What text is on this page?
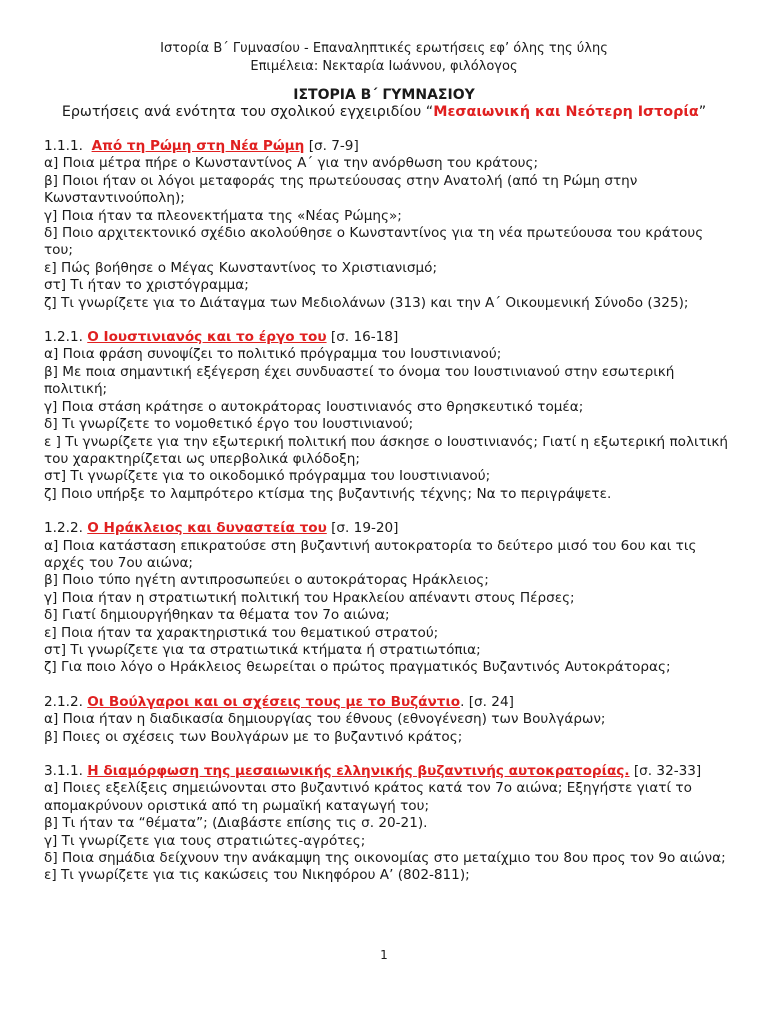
Ιστορία Β΄ Γυμνασίου - Επαναληπτικές ερωτήσεις εφ’ όλης της ύλης
Επιμέλεια: Νεκταρία Ιωάννου, φιλόλογος
ΙΣΤΟΡΙΑ Β΄ ΓΥΜΝΑΣΙΟΥ
Ερωτήσεις ανά ενότητα του σχολικού εγχειριδίου “Μεσαιωνική και Νεότερη Ιστορία”
1.1.1. Από τη Ρώμη στη Νέα Ρώμη [σ. 7-9]
α] Ποια μέτρα πήρε ο Κωνσταντίνος Α΄ για την ανόρθωση του κράτους;
β] Ποιοι ήταν οι λόγοι μεταφοράς της πρωτεύουσας στην Ανατολή (από τη Ρώμη στην Κωνσταντινούπολη);
γ] Ποια ήταν τα πλεονεκτήματα της «Νέας Ρώμης»;
δ] Ποιο αρχιτεκτονικό σχέδιο ακολούθησε ο Κωνσταντίνος για τη νέα πρωτεύουσα του κράτους του;
ε] Πώς βοήθησε ο Μέγας Κωνσταντίνος το Χριστιανισμό;
στ] Τι ήταν το χριστόγραμμα;
ζ] Τι γνωρίζετε για το Διάταγμα των Μεδιολάνων (313) και την Α΄ Οικουμενική Σύνοδο (325);
1.2.1. Ο Ιουστινιανός και το έργο του [σ. 16-18]
α] Ποια φράση συνοψίζει το πολιτικό πρόγραμμα του Ιουστινιανού;
β] Με ποια σημαντική εξέγερση έχει συνδυαστεί το όνομα του Ιουστινιανού στην εσωτερική πολιτική;
γ] Ποια στάση κράτησε ο αυτοκράτορας Ιουστινιανός στο θρησκευτικό τομέα;
δ] Τι γνωρίζετε το νομοθετικό έργο του Ιουστινιανού;
ε ] Τι γνωρίζετε για την εξωτερική πολιτική που άσκησε ο Ιουστινιανός; Γιατί η εξωτερική πολιτική του χαρακτηρίζεται ως υπερβολικά φιλόδοξη;
στ] Τι γνωρίζετε για το οικοδομικό πρόγραμμα του Ιουστινιανού;
ζ] Ποιο υπήρξε το λαμπρότερο κτίσμα της βυζαντινής τέχνης; Να το περιγράψετε.
1.2.2. Ο Ηράκλειος και δυναστεία του [σ. 19-20]
α] Ποια κατάσταση επικρατούσε στη βυζαντινή αυτοκρατορία το δεύτερο μισό του 6ου και τις αρχές του 7ου αιώνα;
β] Ποιο τύπο ηγέτη αντιπροσωπεύει ο αυτοκράτορας Ηράκλειος;
γ] Ποια ήταν η στρατιωτική πολιτική του Ηρακλείου απέναντι στους Πέρσες;
δ] Γιατί δημιουργήθηκαν τα θέματα τον 7ο αιώνα;
ε] Ποια ήταν τα χαρακτηριστικά του θεματικού στρατού;
στ] Τι γνωρίζετε για τα στρατιωτικά κτήματα ή στρατιωτόπια;
ζ] Για ποιο λόγο ο Ηράκλειος θεωρείται ο πρώτος πραγματικός Βυζαντινός Αυτοκράτορας;
2.1.2. Οι Βούλγαροι και οι σχέσεις τους με το Βυζάντιο. [σ. 24]
α] Ποια ήταν η διαδικασία δημιουργίας του έθνους (εθνογένεση) των Βουλγάρων;
β] Ποιες οι σχέσεις των Βουλγάρων με το βυζαντινό κράτος;
3.1.1. Η διαμόρφωση της μεσαιωνικής ελληνικής βυζαντινής αυτοκρατορίας. [σ. 32-33]
α] Ποιες εξελίξεις σημειώνονται στο βυζαντινό κράτος κατά τον 7ο αιώνα; Εξηγήστε γιατί το απομακρύνουν οριστικά από τη ρωμαϊκή καταγωγή του;
β] Τι ήταν τα “θέματα”; (Διαβάστε επίσης τις σ. 20-21).
γ] Τι γνωρίζετε για τους στρατιώτες-αγρότες;
δ] Ποια σημάδια δείχνουν την ανάκαμψη της οικονομίας στο μεταίχμιο του 8ου προς τον 9ο αιώνα;
ε] Τι γνωρίζετε για τις κακώσεις του Νικηφόρου Α’ (802-811);
1
